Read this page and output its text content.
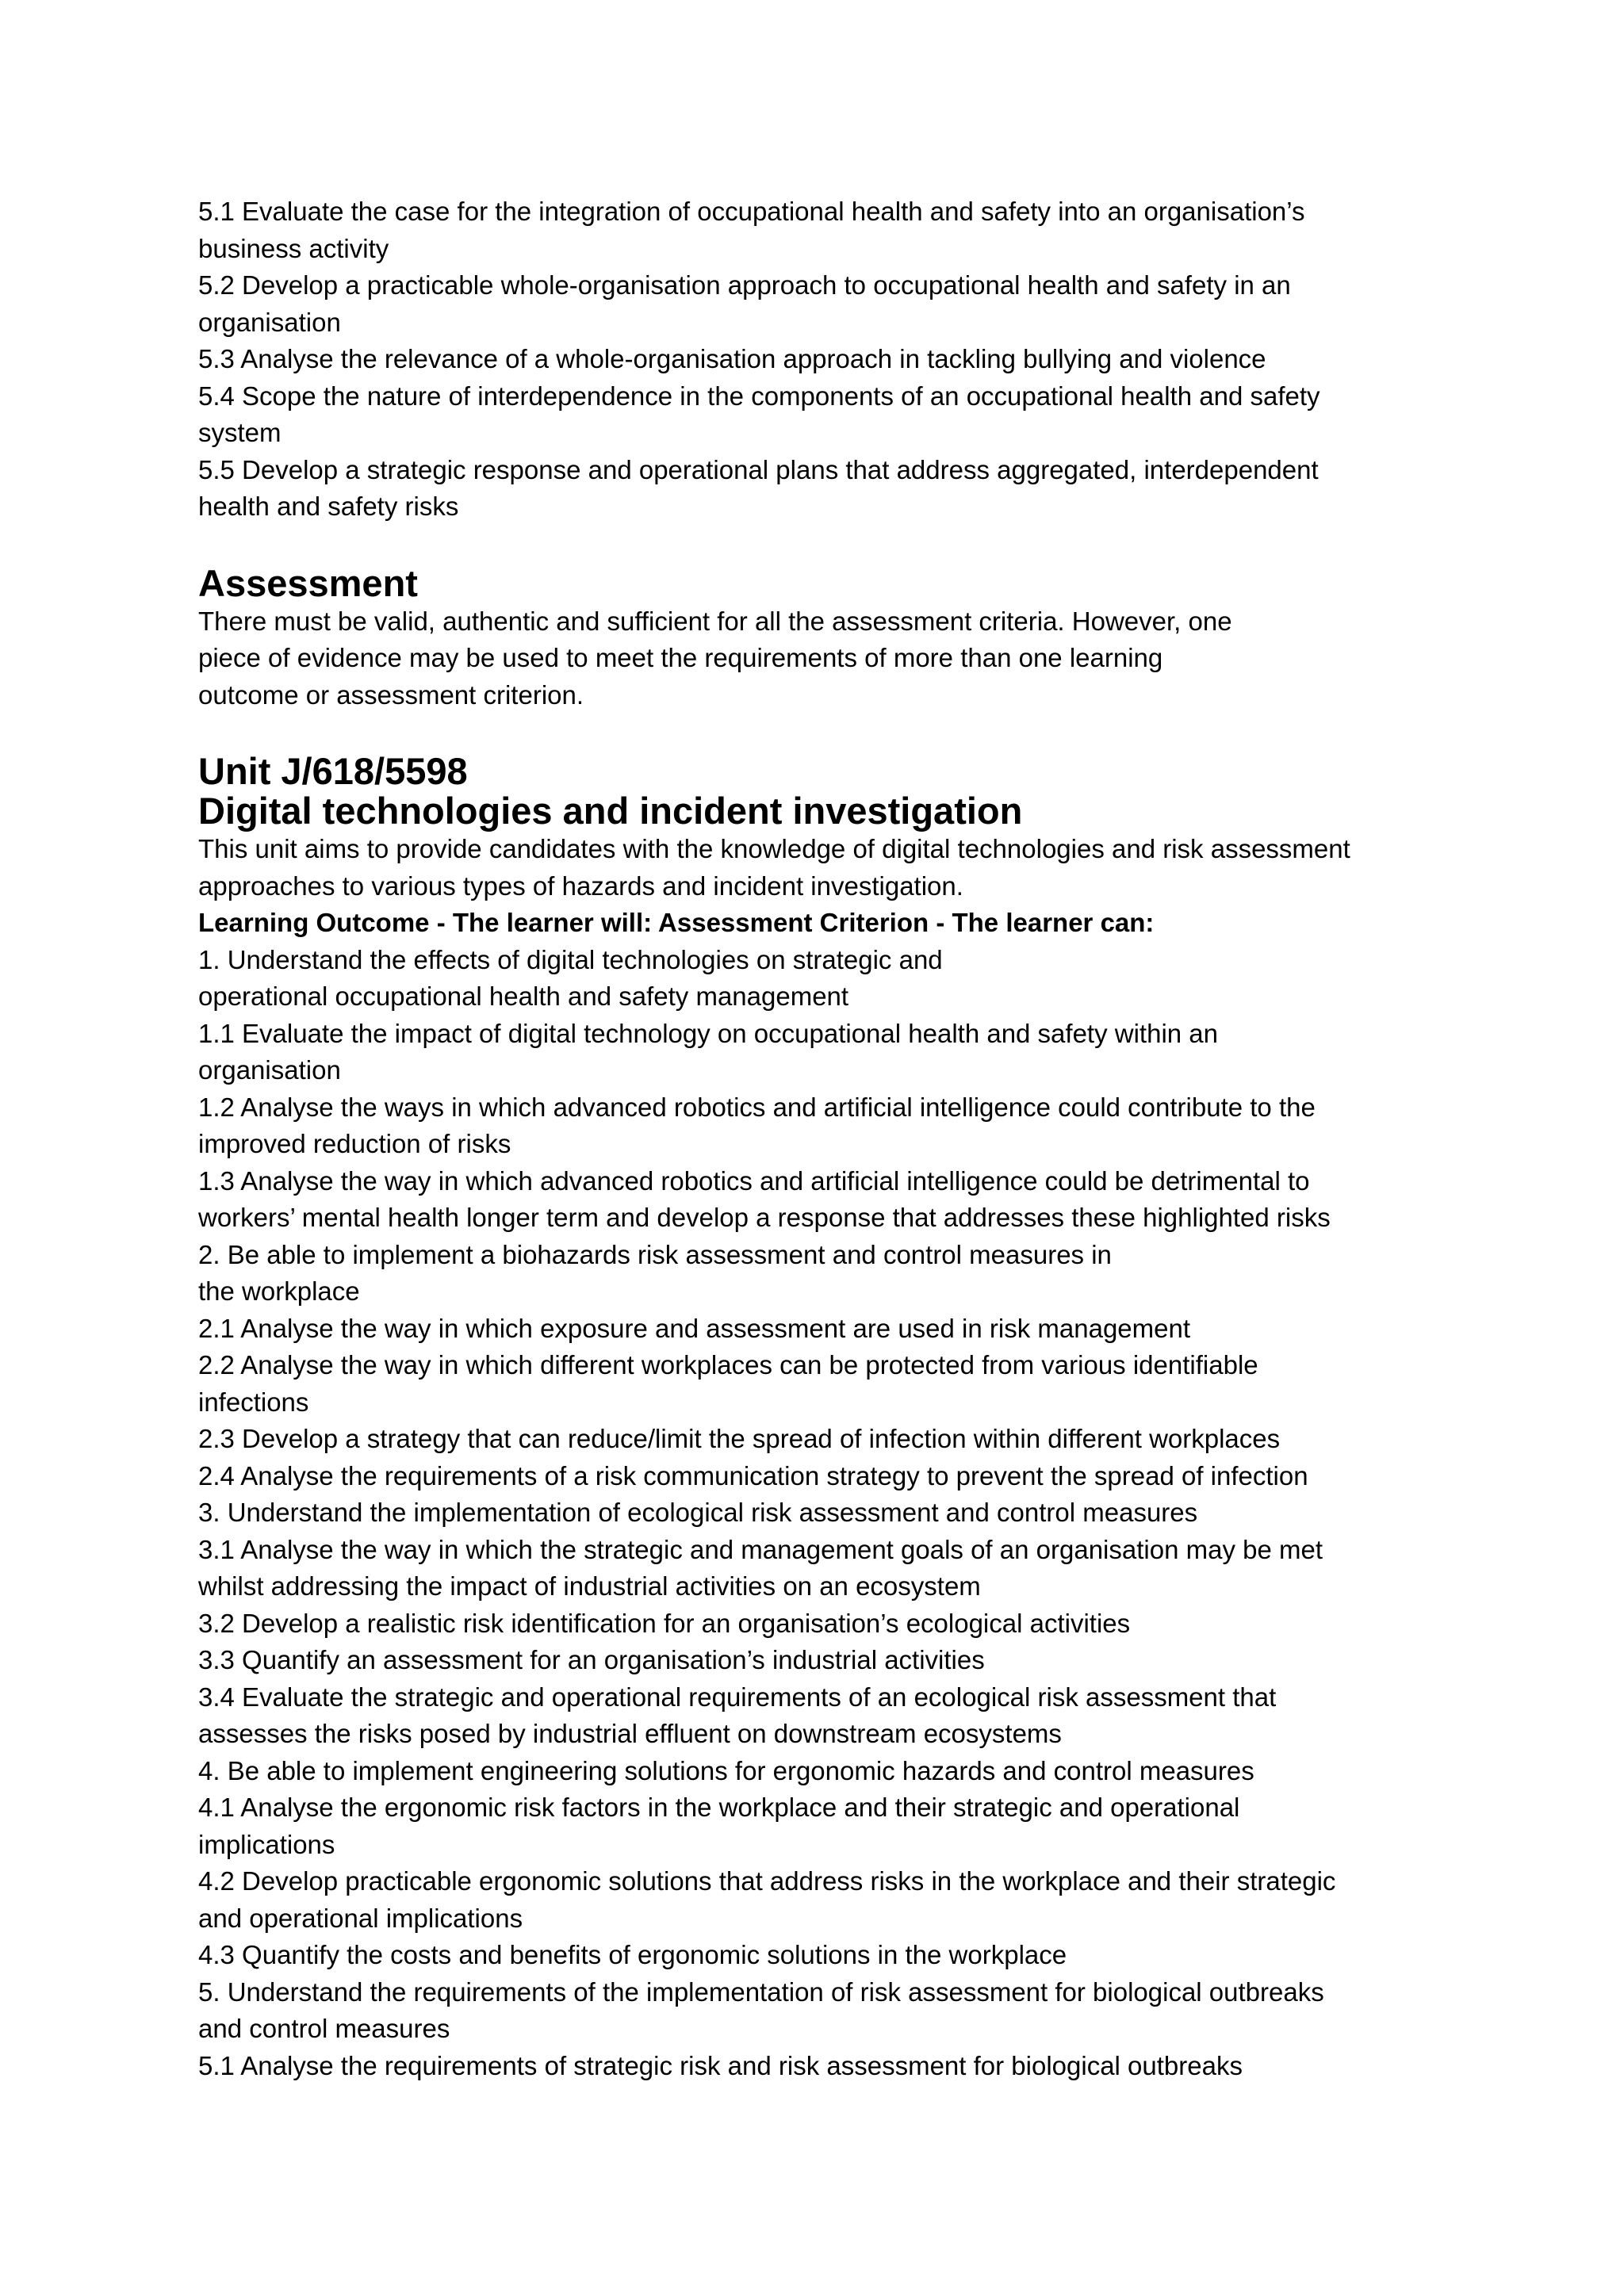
5.1 Evaluate the case for the integration of occupational health and safety into an organisation’s

business activity

5.2 Develop a practicable whole-organisation approach to occupational health and safety in an

organisation

5.3 Analyse the relevance of a whole-organisation approach in tackling bullying and violence

5.4 Scope the nature of interdependence in the components of an occupational health and safety

system

5.5 Develop a strategic response and operational plans that address aggregated, interdependent

health and safety risks

Assessment

There must be valid, authentic and sufficient for all the assessment criteria. However, one

piece of evidence may be used to meet the requirements of more than one learning

outcome or assessment criterion.

Unit J/618/5598
Digital technologies and incident investigation

This unit aims to provide candidates with the knowledge of digital technologies and risk assessment

approaches to various types of hazards and incident investigation.

Learning Outcome - The learner will: Assessment Criterion - The learner can:

1. Understand the effects of digital technologies on strategic and

operational occupational health and safety management

1.1 Evaluate the impact of digital technology on occupational health and safety within an

organisation

1.2 Analyse the ways in which advanced robotics and artificial intelligence could contribute to the

improved reduction of risks

1.3 Analyse the way in which advanced robotics and artificial intelligence could be detrimental to

workers’ mental health longer term and develop a response that addresses these highlighted risks

2. Be able to implement a biohazards risk assessment and control measures in

the workplace

2.1 Analyse the way in which exposure and assessment are used in risk management

2.2 Analyse the way in which different workplaces can be protected from various identifiable

infections

2.3 Develop a strategy that can reduce/limit the spread of infection within different workplaces

2.4 Analyse the requirements of a risk communication strategy to prevent the spread of infection

3. Understand the implementation of ecological risk assessment and control measures

3.1 Analyse the way in which the strategic and management goals of an organisation may be met

whilst addressing the impact of industrial activities on an ecosystem

3.2 Develop a realistic risk identification for an organisation’s ecological activities

3.3 Quantify an assessment for an organisation’s industrial activities

3.4 Evaluate the strategic and operational requirements of an ecological risk assessment that

assesses the risks posed by industrial effluent on downstream ecosystems

4. Be able to implement engineering solutions for ergonomic hazards and control measures

4.1 Analyse the ergonomic risk factors in the workplace and their strategic and operational

implications

4.2 Develop practicable ergonomic solutions that address risks in the workplace and their strategic

and operational implications

4.3 Quantify the costs and benefits of ergonomic solutions in the workplace

5. Understand the requirements of the implementation of risk assessment for biological outbreaks

and control measures

5.1 Analyse the requirements of strategic risk and risk assessment for biological outbreaks
